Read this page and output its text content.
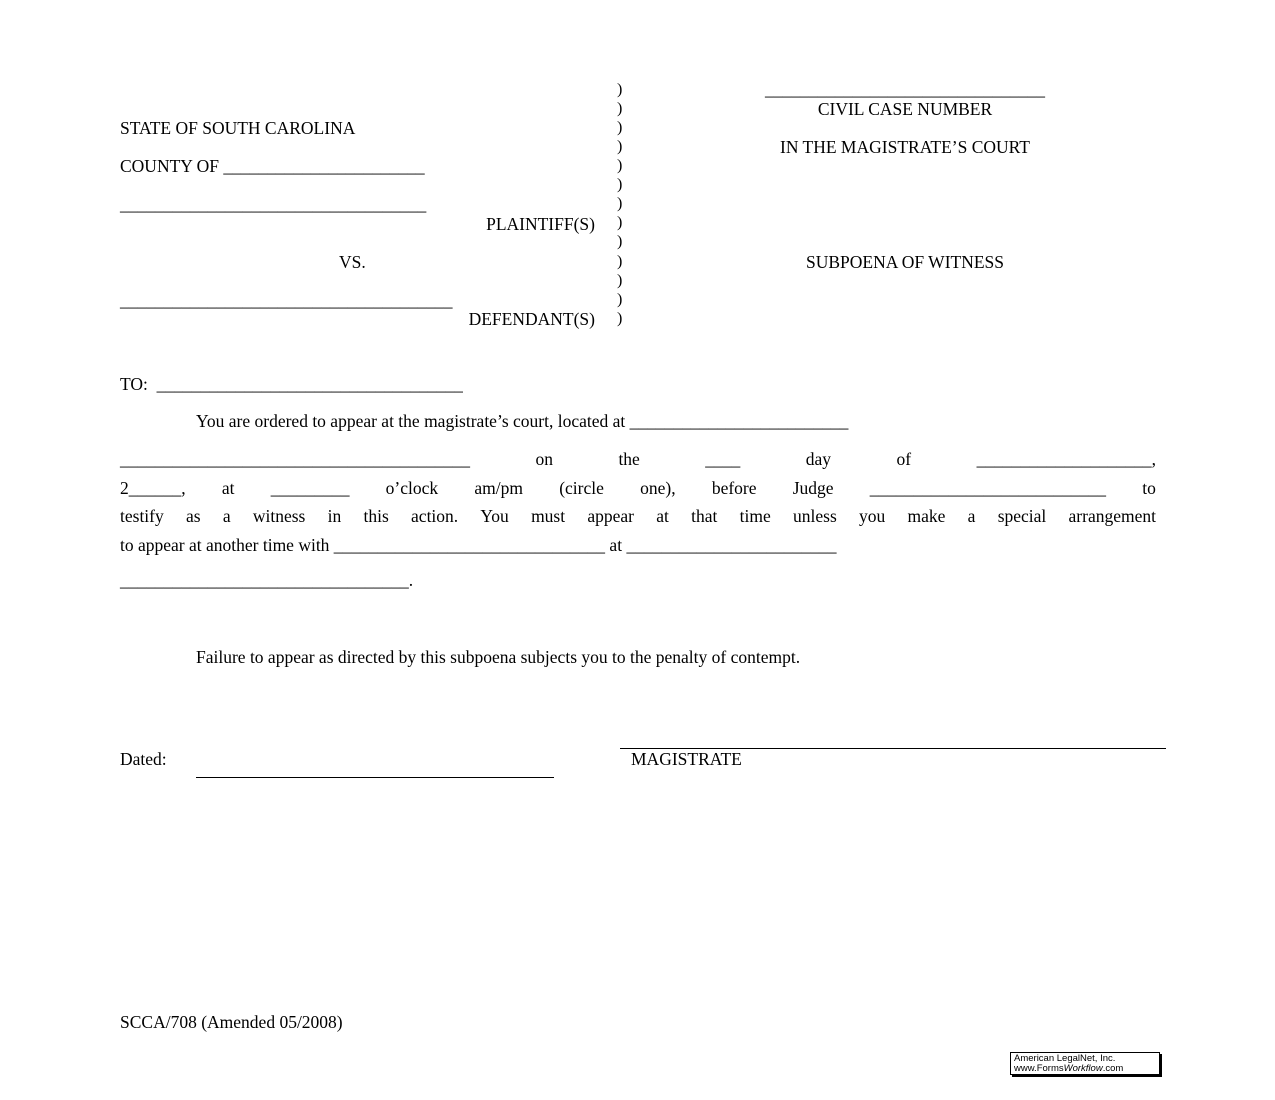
STATE OF SOUTH CAROLINA
COUNTY OF _______________________
___________________________________
PLAINTIFF(S)
VS.
______________________________________
DEFENDANT(S)
)
)
)
)
)
)
)
)
)
)
)
)
)
________________________________
CIVIL CASE NUMBER
IN THE MAGISTRATE’S COURT
SUBPOENA OF WITNESS
TO:  ___________________________________
You are ordered to appear at the magistrate’s court, located at _________________________
________________________________________	on	the	____	day	of	____________________,
2______, at _________ o’clock am/pm (circle one), before Judge ___________________________ to
testify as a witness in this action. You must appear at that time unless you make a special arrangement
to appear at another time with _______________________________ at ________________________
_________________________________.
Failure to appear as directed by this subpoena subjects you to the penalty of contempt.
Dated:	MAGISTRATE
SCCA/708 (Amended 05/2008)
American LegalNet, Inc.
www.FormsWorkflow.com
